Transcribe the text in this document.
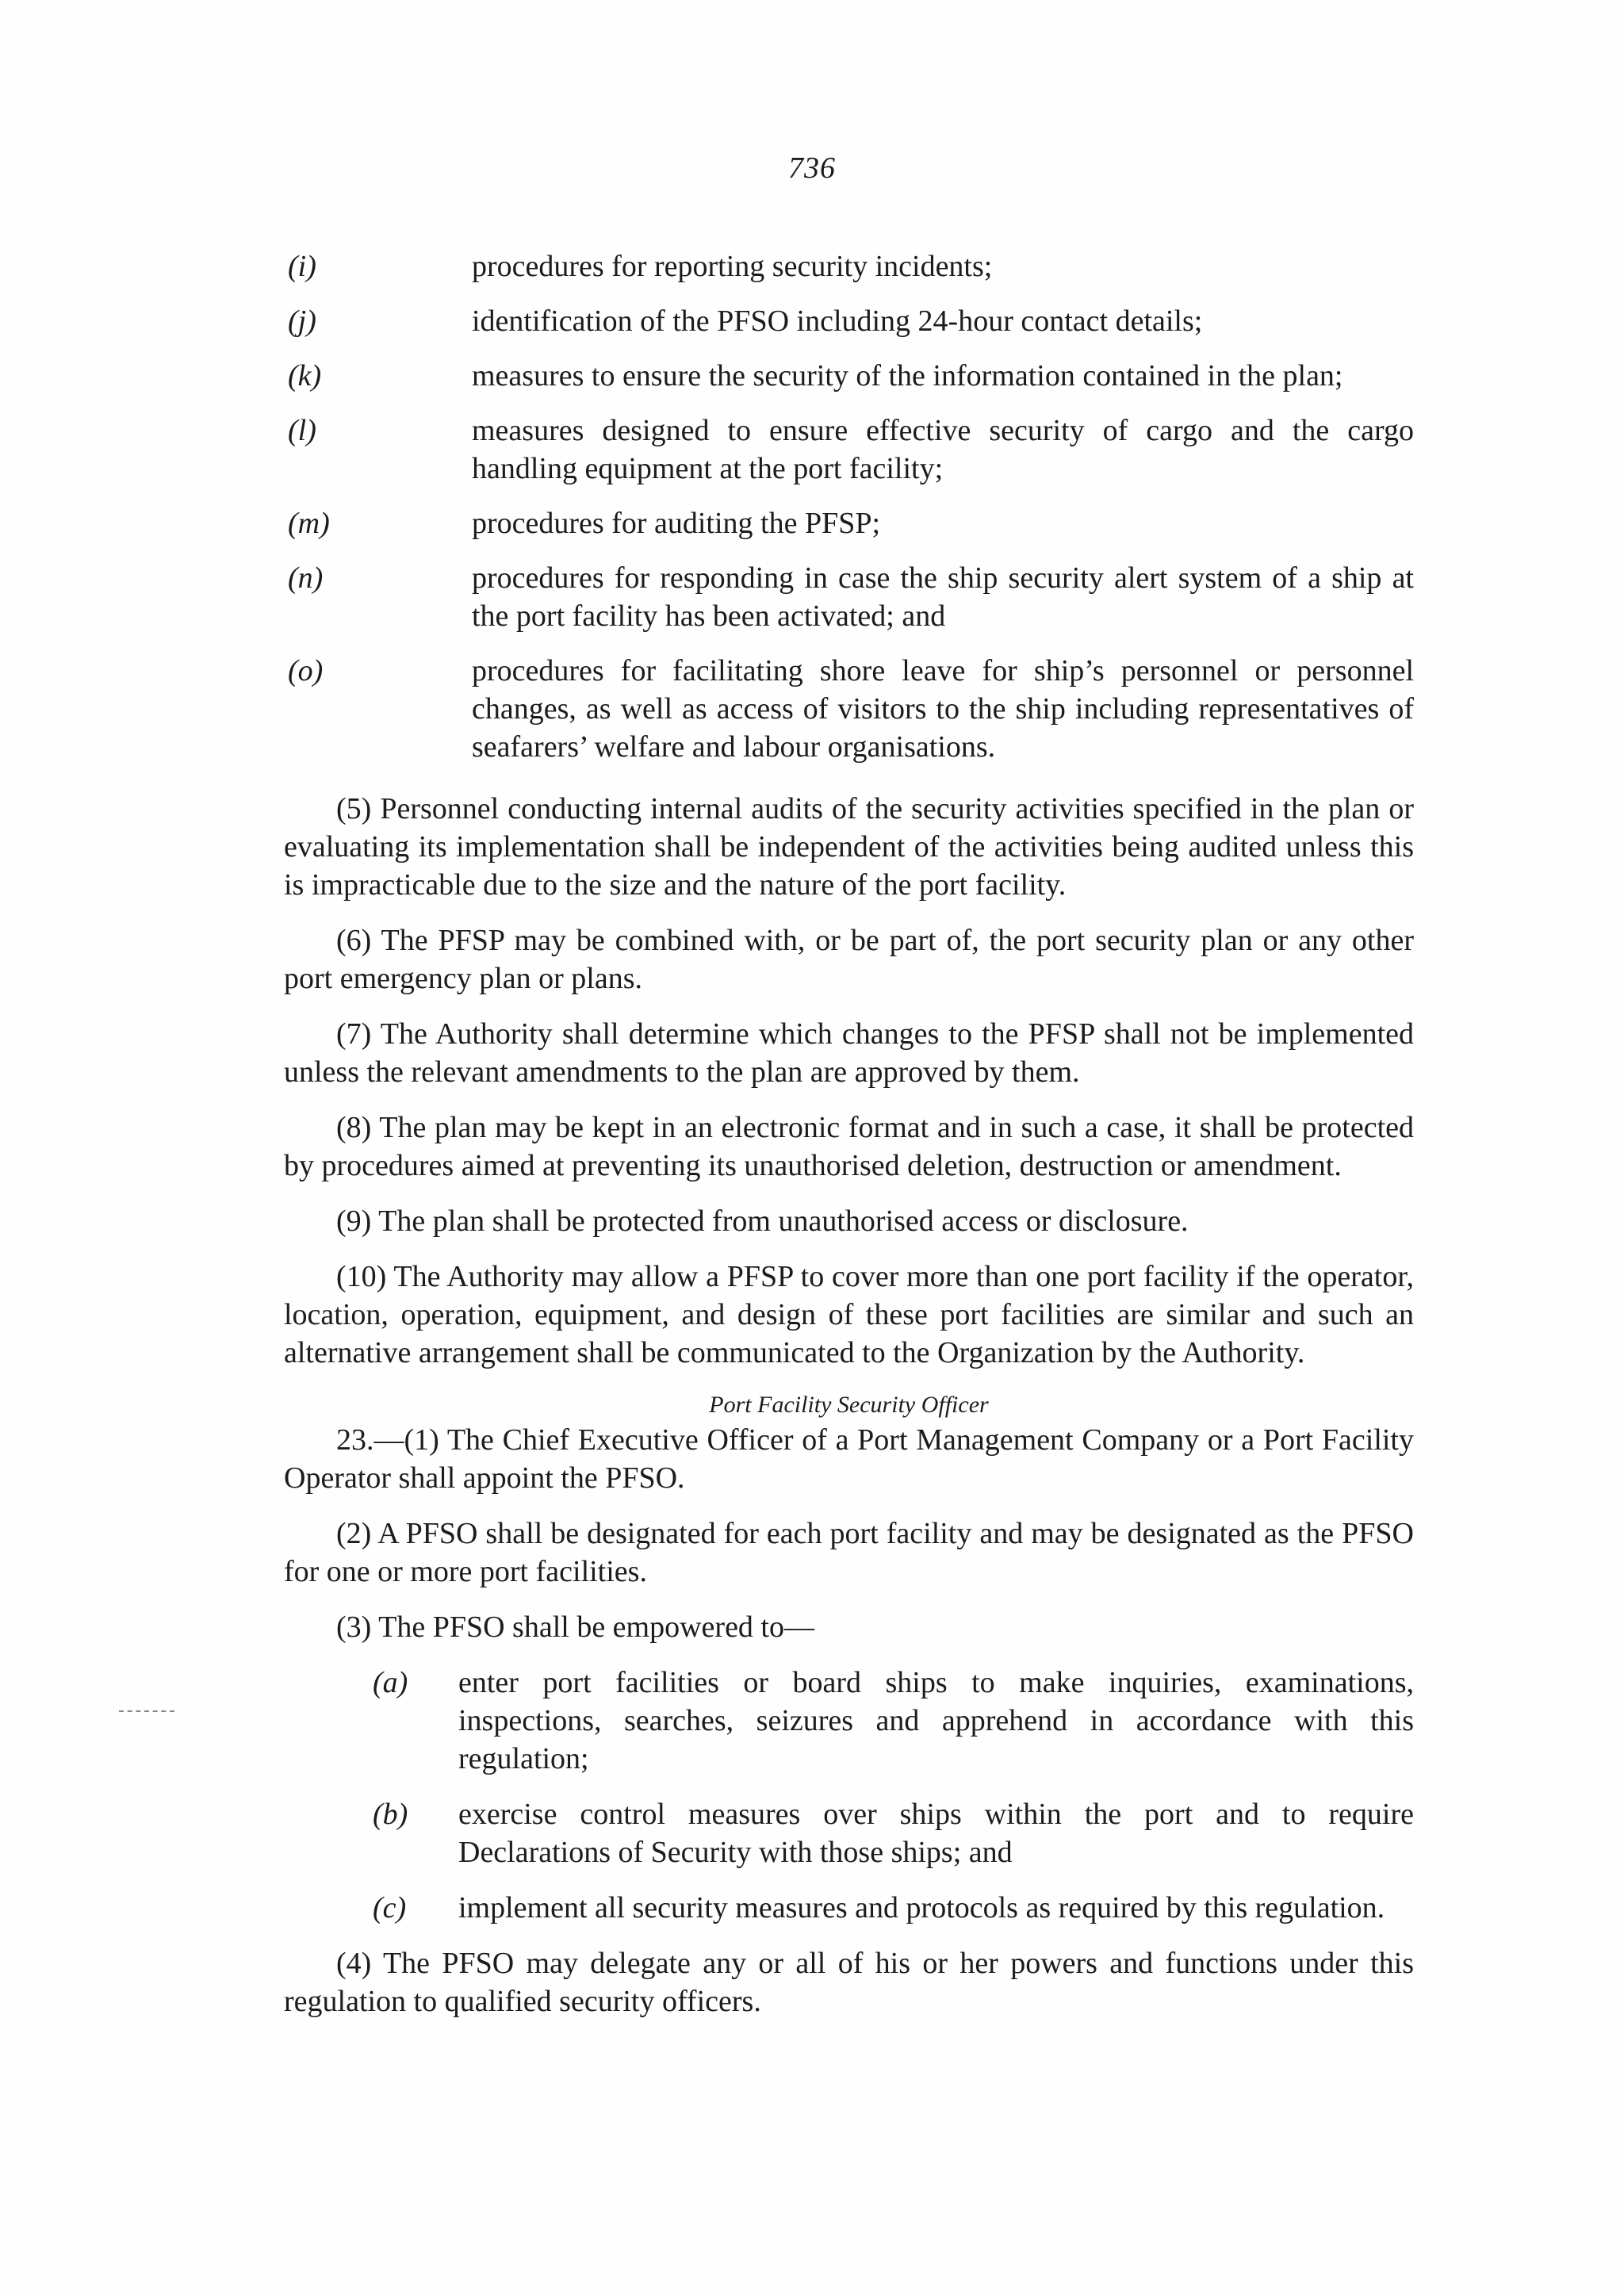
736
(i)	procedures for reporting security incidents;
(j)	identification of the PFSO including 24-hour contact details;
(k)	measures to ensure the security of the information contained in the plan;
(l)	measures designed to ensure effective security of cargo and the cargo handling equipment at the port facility;
(m)	procedures for auditing the PFSP;
(n)	procedures for responding in case the ship security alert system of a ship at the port facility has been activated; and
(o)	procedures for facilitating shore leave for ship’s personnel or personnel changes, as well as access of visitors to the ship including representatives of seafarers’ welfare and labour organisations.

(5) Personnel conducting internal audits of the security activities specified in the plan or evaluating its implementation shall be independent of the activities being audited unless this is impracticable due to the size and the nature of the port facility.

(6) The PFSP may be combined with, or be part of, the port security plan or any other port emergency plan or plans.

(7) The Authority shall determine which changes to the PFSP shall not be implemented unless the relevant amendments to the plan are approved by them.

(8) The plan may be kept in an electronic format and in such a case, it shall be protected by procedures aimed at preventing its unauthorised deletion, destruction or amendment.

(9) The plan shall be protected from unauthorised access or disclosure.

(10) The Authority may allow a PFSP to cover more than one port facility if the operator, location, operation, equipment, and design of these port facilities are similar and such an alternative arrangement shall be communicated to the Organization by the Authority.

Port Facility Security Officer

23.—(1) The Chief Executive Officer of a Port Management Company or a Port Facility Operator shall appoint the PFSO.

(2) A PFSO shall be designated for each port facility and may be designated as the PFSO for one or more port facilities.

(3) The PFSO shall be empowered to—

(a) enter port facilities or board ships to make inquiries, examinations, inspections, searches, seizures and apprehend in accordance with this regulation;
(b) exercise control measures over ships within the port and to require Declarations of Security with those ships; and
(c) implement all security measures and protocols as required by this regulation.

(4) The PFSO may delegate any or all of his or her powers and functions under this regulation to qualified security officers.
